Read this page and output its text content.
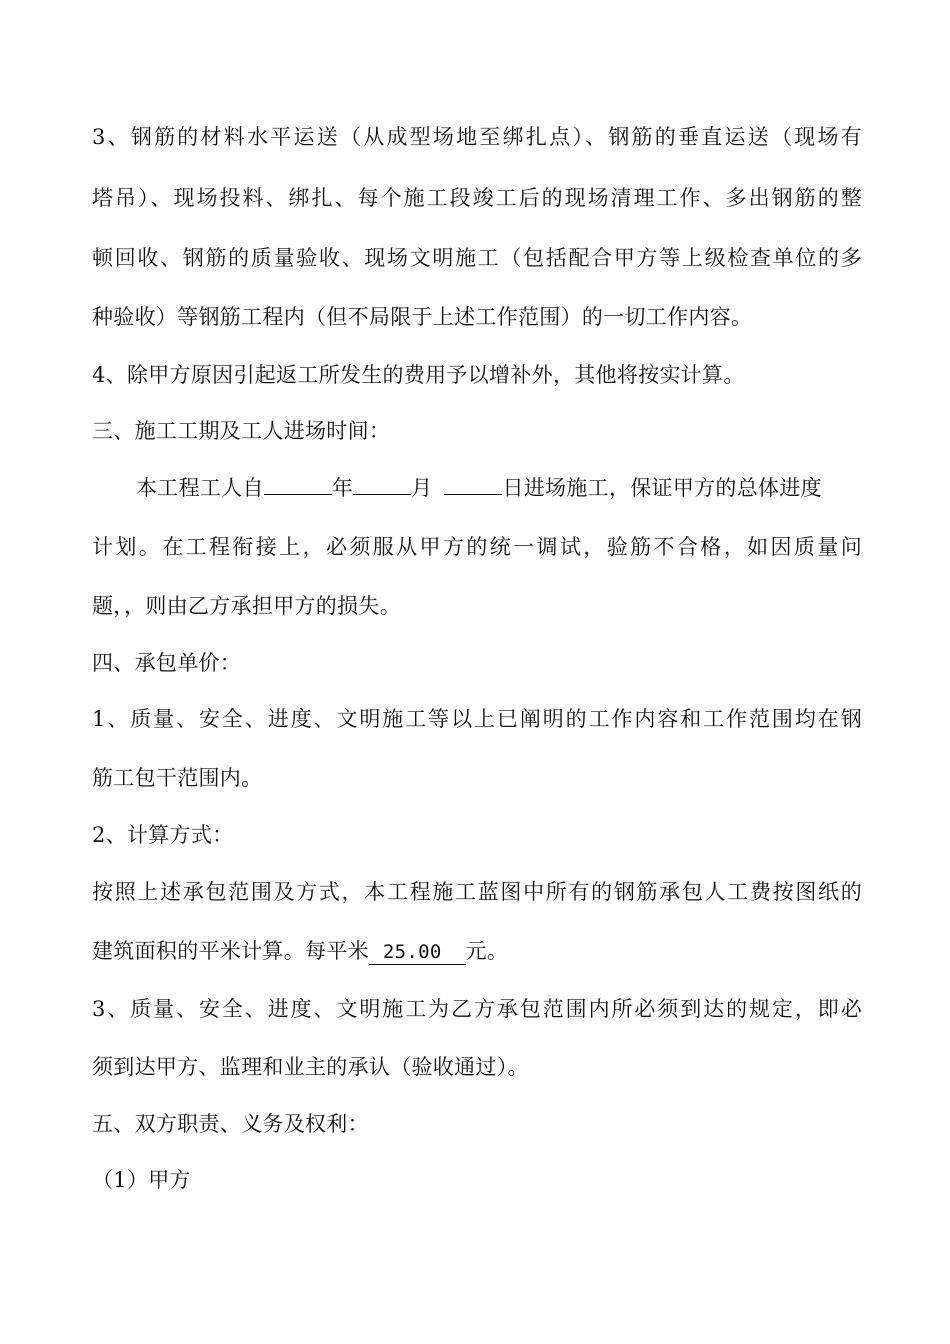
3、钢筋的材料水平运送（从成型场地至绑扎点）、钢筋的垂直运送（现场有
塔吊）、现场投料、绑扎、每个施工段竣工后的现场清理工作、多出钢筋的整
顿回收、钢筋的质量验收、现场文明施工（包括配合甲方等上级检查单位的多
种验收）等钢筋工程内（但不局限于上述工作范围）的一切工作内容。
4、除甲方原因引起返工所发生的费用予以增补外，其他将按实计算。
三、施工工期及工人进场时间：
本工程工人自	年	月	日进场施工，保证甲方的总体进度
计划。在工程衔接上，必须服从甲方的统一调试，验筋不合格，如因质量问
题，，则由乙方承担甲方的损失。
四、承包单价：
1、质量、安全、进度、文明施工等以上已阐明的工作内容和工作范围均在钢
筋工包干范围内。
2、计算方式：
按照上述承包范围及方式，本工程施工蓝图中所有的钢筋承包人工费按图纸的
建筑面积的平米计算。每平米 25.00 元。
3、质量、安全、进度、文明施工为乙方承包范围内所必须到达的规定，即必
须到达甲方、监理和业主的承认（验收通过）。
五、双方职责、义务及权利：
（1）甲方
